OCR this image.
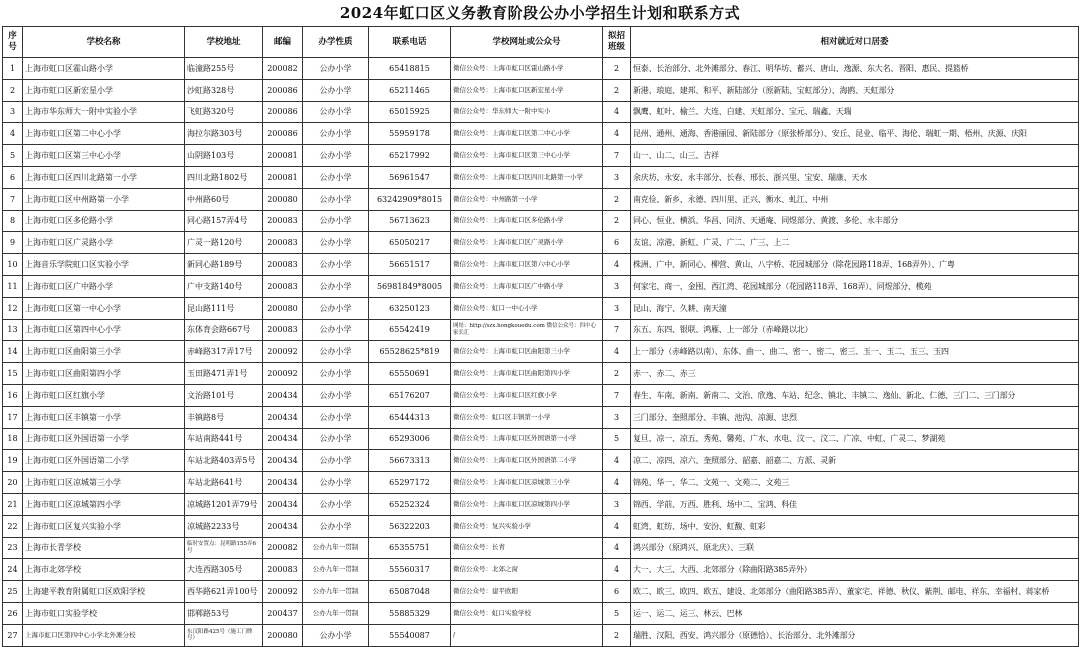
2024年虹口区义务教育阶段公办小学招生计划和联系方式
序号	学校名称	学校地址	邮编	办学性质	联系电话	学校网址或公众号	拟招班级	相对就近对口居委
1	上海市虹口区霍山路小学	临潼路255号	200082	公办小学	65418815	微信公众号：上海市虹口区霍山路小学	2	恒泰、长治部分、北外滩部分、春江、明华坊、蓄兴、唐山、逸源、东大名、晋阳、惠民、提篮桥
2	上海市虹口区新宏星小学	沙虹路328号	200086	公办小学	65211465	微信公众号：上海市虹口区新宏星小学	2	新港、琅庭、建邦、和平、新陆部分（原新陆、宝虹部分）、海鸥、天虹部分
3	上海市华东师大一附中实验小学	飞虹路320号	200086	公办小学	65015925	微信公众号：华东师大一附中实小	4	飘鹰、虹叶、榆兰、大连、白建、天虹部分、宝元、瑞鑫、天瑞
4	上海市虹口区第二中心小学	海拉尔路303号	200086	公办小学	55959178	微信公众号：上海市虹口区第二中心小学	4	昆州、通州、通海、香港丽园、新陆部分（原张桥部分）、安丘、昆业、临平、海伦、瑞虹一期、梧州、庆源、庆阳
5	上海市虹口区第三中心小学	山阴路103号	200081	公办小学	65217992	微信公众号：上海市虹口区第三中心小学	7	山一、山二、山三、吉祥
6	上海市虹口区四川北路第一小学	四川北路1802号	200081	公办小学	56961547	微信公众号：上海市虹口区四川北路第一小学	3	余庆坊、永安、永丰部分、长春、邢长、浙兴里、宝安、瑞康、天水
7	上海市虹口区中州路第一小学	中州路60号	200080	公办小学	63242909*8015	微信公众号：中州路第一小学	2	南克俭、新乡、永德、四川里、正兴、衡水、虬江、中州
8	上海市虹口区多伦路小学	同心路157弄4号	200083	公办小学	56713623	微信公众号：上海市虹口区多伦路小学	2	同心、恒业、横浜、华昌、同济、天通庵、同煜部分、黄渡、多伦、永丰部分
9	上海市虹口区广灵路小学	广灵一路120号	200083	公办小学	65050217	微信公众号：上海市虹口区广灵路小学	6	友谊、凉港、新虹、广灵、广二、广三、上二
10	上海音乐学院虹口区实验小学	新同心路189号	200083	公办小学	56651517	微信公众号：上海市虹口区第六中心小学	4	株洲、广中、新同心、柳营、黄山、八字桥、花园城部分（除花园路118弄、168弄外）、广粤
11	上海市虹口区广中路小学	广中支路140号	200083	公办小学	56981849*8005	微信公众号：上海市虹口区广中路小学	3	何家宅、商一、金囤、西江湾、花园城部分（花园路118弄、168弄）、同煜部分、榄苑
12	上海市虹口区第一中心小学	昆山路111号	200080	公办小学	63250123	微信公众号：虹口一中心小学	3	昆山、海宁、久耕、南天潼
13	上海市虹口区第四中心小学	东体育会路667号	200083	公办小学	65542419	网址：http://szx.hongkouedu.com 微信公众号：四中心家长汇	7	东五、东四、银联、鸿雁、上一部分（赤峰路以北）
14	上海市虹口区曲阳第三小学	赤峰路317弄17号	200092	公办小学	65528625*819	微信公众号：上海市虹口区曲阳第三小学	4	上一部分（赤峰路以南）、东体、曲一、曲二、密一、密二、密三、玉一、玉二、玉三、玉四
15	上海市虹口区曲阳第四小学	玉田路471弄1号	200092	公办小学	65550691	微信公众号：上海市虹口区曲阳第四小学	2	赤一、赤二、赤三
16	上海市虹口区红旗小学	文治路101号	200434	公办小学	65176207	微信公众号：上海市虹口区红旗小学	7	春生、车南、新南、新南二、文治、欣逸、车站、纪念、镇北、丰镇二、逸仙、新北、仁德、三门二、三门部分
17	上海市虹口区丰镇第一小学	丰镇路8号	200434	公办小学	65444313	微信公众号：虹口区丰镇第一小学	3	三门部分、奎照部分、丰镇、池沟、凉源、忠烈
18	上海市虹口区外国语第一小学	车站南路441号	200434	公办小学	65293006	微信公众号：上海市虹口区外国语第一小学	5	复旦、凉一、凉五、秀苑、馨苑、广水、水电、汶一、汶二、广凉、中虹、广灵二、梦湖苑
19	上海市虹口区外国语第二小学	车站北路403弄5号	200434	公办小学	56673313	微信公众号：上海市虹口区外国语第二小学	4	凉二、凉四、凉六、奎照部分、韶嘉、韶嘉二、方派、灵新
20	上海市虹口区凉城第三小学	车站北路641号	200434	公办小学	65297172	微信公众号：上海市虹口区凉城第三小学	4	锦苑、华一、华二、文苑一、文苑二、文苑三
21	上海市虹口区凉城第四小学	凉城路1201弄79号	200434	公办小学	65252324	微信公众号：上海市虹口区凉城第四小学	3	锦西、学前、万西、胜利、场中二、宝鸿、科佳
22	上海市虹口区复兴实验小学	凉城路2233号	200434	公办小学	56322203	微信公众号：复兴实验小学	4	虹湾、虹纺、场中、安汾、虹馥、虹彩
23	上海市长青学校	临时安置点：昆明路155弄6号	200082	公办九年一贯制	65355751	微信公众号：长青	4	鸿兴部分（原鸿兴、原北庆）、三联
24	上海市北郊学校	大连西路305号	200083	公办九年一贯制	55560317	微信公众号：北郊之窗	4	大一、大三、大西、北郊部分（除曲阳路385弄外）
25	上海建平教育附属虹口区欧阳学校	西华路621弄100号	200092	公办九年一贯制	65087048	微信公众号：建平欧阳	6	欧二、欧三、欧四、欧五、建设、北郊部分（曲阳路385弄）、董家宅、祥德、秋仪、紫荆、邮电、祥东、幸福村、蒋家桥
26	上海市虹口实验学校	邯郸路53号	200437	公办九年一贯制	55885329	微信公众号：虹口实验学校	5	运一、运二、运三、林云、巴林
27	上海市虹口区第四中心小学北外滩分校	东汉阳路425号（施工门牌号）	200080	公办小学	55540087	/	2	瑞胜、汉阳、西安、鸿兴部分（原德恰）、长治部分、北外滩部分
